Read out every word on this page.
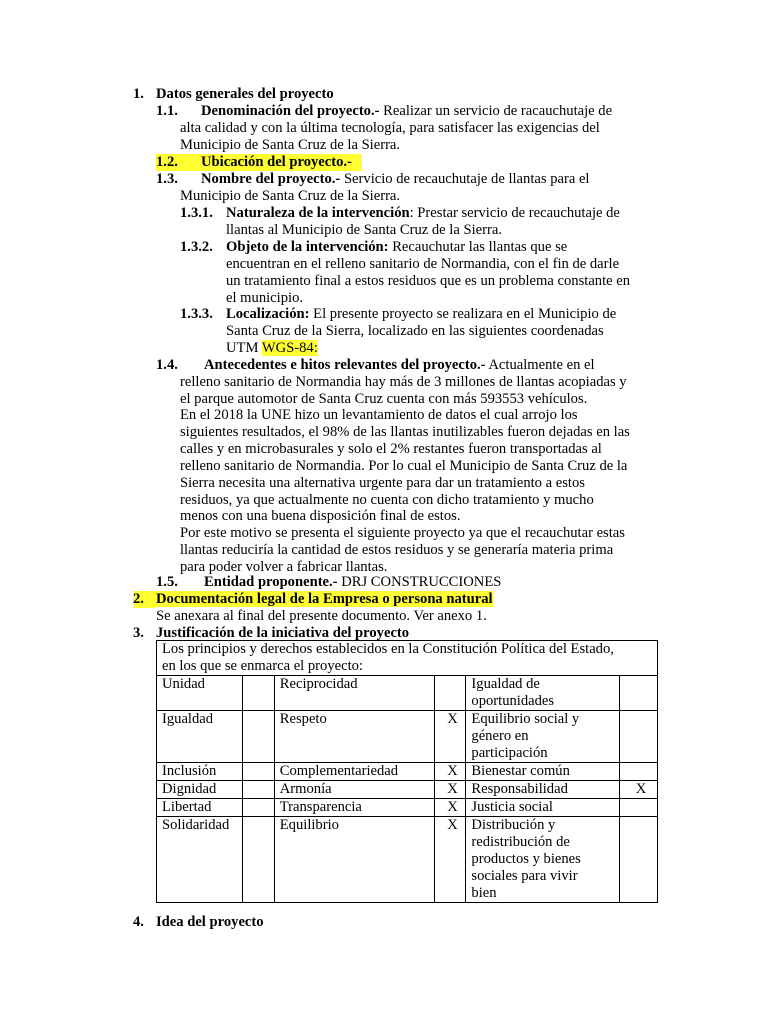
1. Datos generales del proyecto
1.1. Denominación del proyecto.- Realizar un servicio de racauchutaje de
alta calidad y con la última tecnología, para satisfacer las exigencias del
Municipio de Santa Cruz de la Sierra.
1.2. Ubicación del proyecto.-
1.3. Nombre del proyecto.- Servicio de recauchutaje de llantas para el
Municipio de Santa Cruz de la Sierra.
1.3.1. Naturaleza de la intervención: Prestar servicio de recauchutaje de
llantas al Municipio de Santa Cruz de la Sierra.
1.3.2. Objeto de la intervención: Recauchutar las llantas que se
encuentran en el relleno sanitario de Normandia, con el fin de darle
un tratamiento final a estos residuos que es un problema constante en
el municipio.
1.3.3. Localización: El presente proyecto se realizara en el Municipio de
Santa Cruz de la Sierra, localizado en las siguientes coordenadas
UTM WGS-84:
1.4. Antecedentes e hitos relevantes del proyecto.- Actualmente en el
relleno sanitario de Normandia hay más de 3 millones de llantas acopiadas y
el parque automotor de Santa Cruz cuenta con más 593553 vehículos.
En el 2018 la UNE hizo un levantamiento de datos el cual arrojo los
siguientes resultados, el 98% de las llantas inutilizables fueron dejadas en las
calles y en microbasurales y solo el 2% restantes fueron transportadas al
relleno sanitario de Normandia. Por lo cual el Municipio de Santa Cruz de la
Sierra necesita una alternativa urgente para dar un tratamiento a estos
residuos, ya que actualmente no cuenta con dicho tratamiento y mucho
menos con una buena disposición final de estos.
Por este motivo se presenta el siguiente proyecto ya que el recauchutar estas
llantas reduciría la cantidad de estos residuos y se generaría materia prima
para poder volver a fabricar llantas.
1.5. Entidad proponente.- DRJ CONSTRUCCIONES
2. Documentación legal de la Empresa o persona natural
Se anexara al final del presente documento. Ver anexo 1.
3. Justificación de la iniciativa del proyecto
Los principios y derechos establecidos en la Constitución Política del Estado,
en los que se enmarca el proyecto:					

Unidad		Reciprocidad		Igualdad de
oportunidades	

Igualdad		Respeto	X	Equilibrio social y
género en
participación	

Inclusión		Complementariedad	X	Bienestar común	
Dignidad		Armonía	X	Responsabilidad	X
Libertad		Transparencia	X	Justicia social	
Solidaridad		Equilibrio	X	Distribución y
redistribución de
productos y bienes
sociales para vivir
bien	

4. Idea del proyecto
